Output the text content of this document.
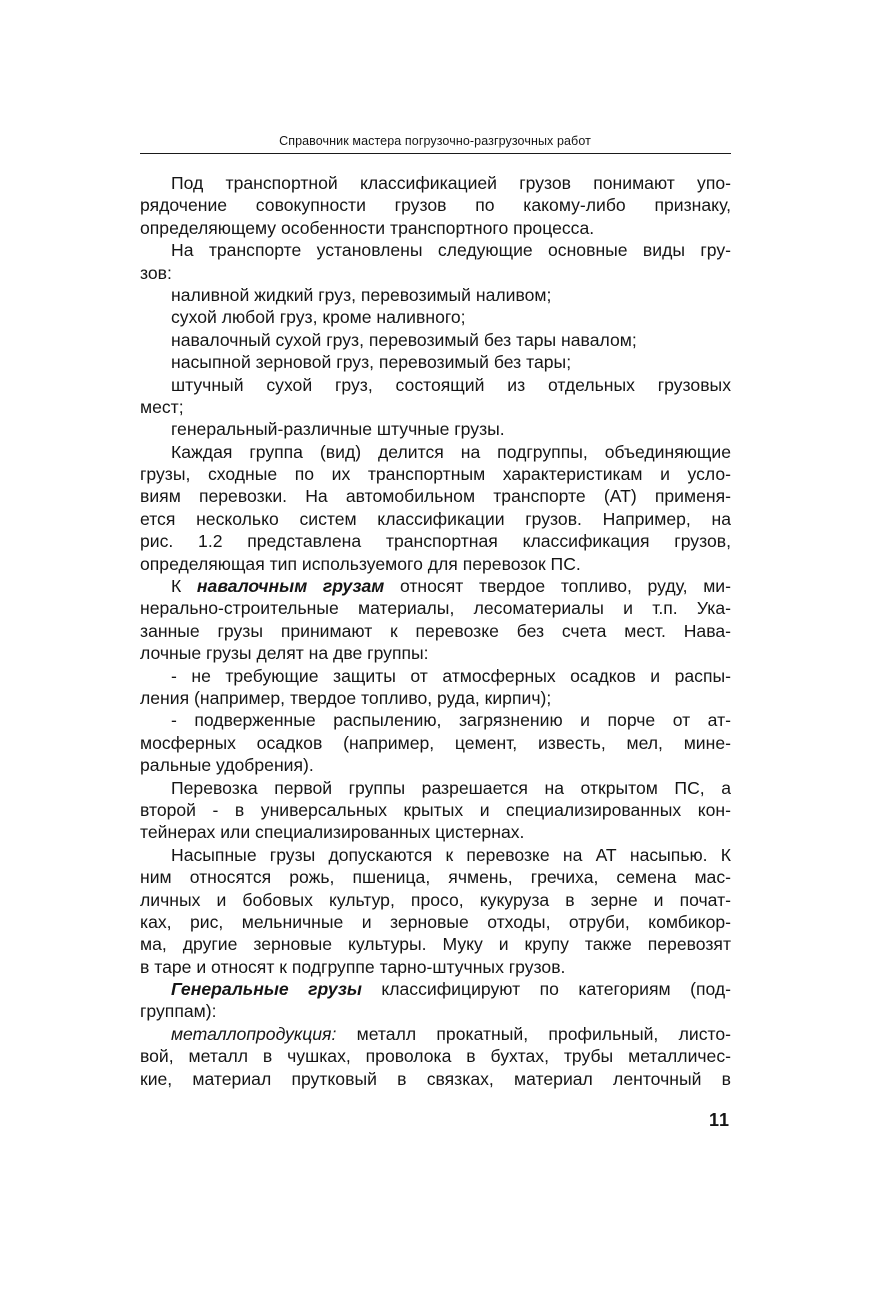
Справочник мастера погрузочно-разгрузочных работ
Под транспортной классификацией грузов понимают упо-
рядочение совокупности грузов по какому-либо признаку,
определяющему особенности транспортного процесса.
На транспорте установлены следующие основные виды гру-
зов:
наливной жидкий груз, перевозимый наливом;
сухой любой груз, кроме наливного;
навалочный сухой груз, перевозимый без тары навалом;
насыпной зерновой груз, перевозимый без тары;
штучный сухой груз, состоящий из отдельных грузовых
мест;
генеральный-различные штучные грузы.
Каждая группа (вид) делится на подгруппы, объединяющие
грузы, сходные по их транспортным характеристикам и усло-
виям перевозки. На автомобильном транспорте (АТ) применя-
ется несколько систем классификации грузов. Например, на
рис. 1.2 представлена транспортная классификация грузов,
определяющая тип используемого для перевозок ПС.
К навалочным грузам относят твердое топливо, руду, ми-
нерально-строительные материалы, лесоматериалы и т.п. Ука-
занные грузы принимают к перевозке без счета мест. Нава-
лочные грузы делят на две группы:
- не требующие защиты от атмосферных осадков и распы-
ления (например, твердое топливо, руда, кирпич);
- подверженные распылению, загрязнению и порче от ат-
мосферных осадков (например, цемент, известь, мел, мине-
ральные удобрения).
Перевозка первой группы разрешается на открытом ПС, а
второй - в универсальных крытых и специализированных кон-
тейнерах или специализированных цистернах.
Насыпные грузы допускаются к перевозке на АТ насыпью. К
ним относятся рожь, пшеница, ячмень, гречиха, семена мас-
личных и бобовых культур, просо, кукуруза в зерне и почат-
ках, рис, мельничные и зерновые отходы, отруби, комбикор-
ма, другие зерновые культуры. Муку и крупу также перевозят
в таре и относят к подгруппе тарно-штучных грузов.
Генеральные грузы классифицируют по категориям (под-
группам):
металлопродукция: металл прокатный, профильный, листо-
вой, металл в чушках, проволока в бухтах, трубы металличес-
кие, материал прутковый в связках, материал ленточный в
11
